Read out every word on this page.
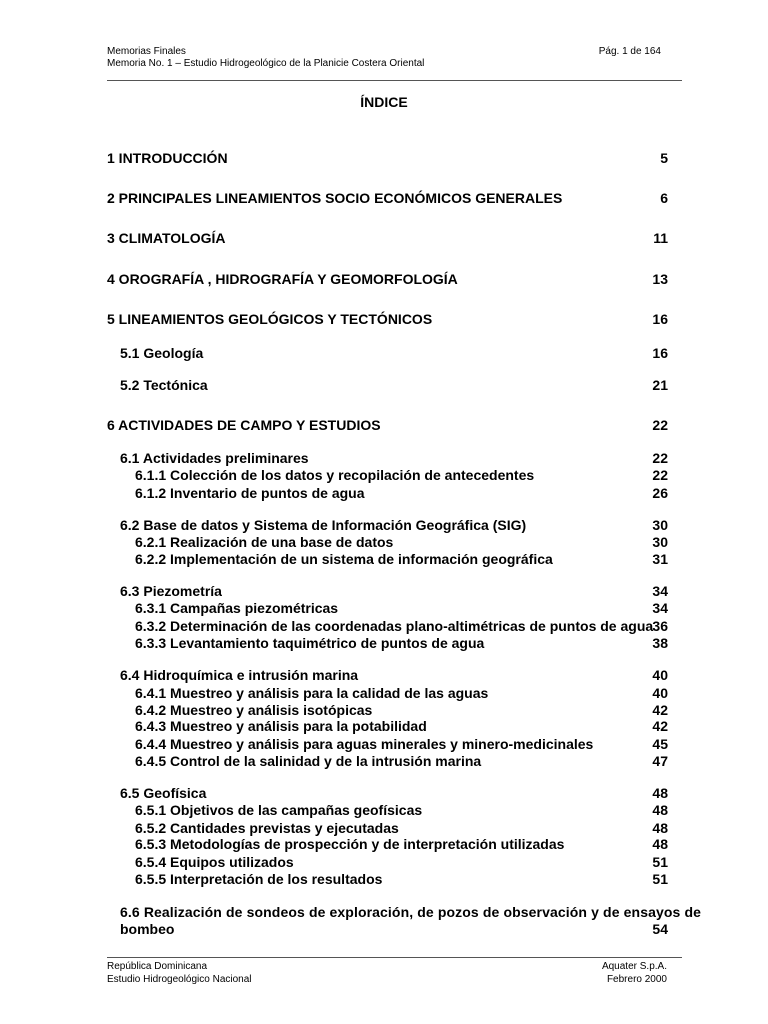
Memorias Finales
Memoria No. 1 – Estudio Hidrogeológico de la Planicie Costera Oriental
Pág. 1 de 164
ÍNDICE
1 INTRODUCCIÓN	5
2 PRINCIPALES LINEAMIENTOS SOCIO ECONÓMICOS GENERALES	6
3 CLIMATOLOGÍA	11
4 OROGRAFÍA , HIDROGRAFÍA Y GEOMORFOLOGÍA	13
5 LINEAMIENTOS GEOLÓGICOS Y TECTÓNICOS	16
5.1 Geología	16
5.2 Tectónica	21
6 ACTIVIDADES DE CAMPO Y ESTUDIOS	22
6.1 Actividades preliminares	22
6.1.1 Colección de los datos y recopilación de antecedentes	22
6.1.2 Inventario de puntos de agua	26
6.2 Base de datos y Sistema de Información Geográfica (SIG)	30
6.2.1 Realización de una base de datos	30
6.2.2 Implementación de un sistema de información geográfica	31
6.3 Piezometría	34
6.3.1 Campañas piezométricas	34
6.3.2 Determinación de las coordenadas plano-altimétricas de puntos de agua 36
6.3.3 Levantamiento taquimétrico de puntos de agua	38
6.4 Hidroquímica e intrusión marina	40
6.4.1 Muestreo y análisis para la calidad de las aguas	40
6.4.2 Muestreo y análisis isotópicas	42
6.4.3 Muestreo y análisis para la potabilidad	42
6.4.4 Muestreo y análisis para aguas minerales y minero-medicinales	45
6.4.5 Control de la salinidad y de la intrusión marina	47
6.5 Geofísica	48
6.5.1 Objetivos de las campañas geofísicas	48
6.5.2 Cantidades previstas y ejecutadas	48
6.5.3 Metodologías de prospección y de interpretación utilizadas	48
6.5.4 Equipos utilizados	51
6.5.5 Interpretación de los resultados	51
6.6 Realización de sondeos de exploración, de pozos de observación y de ensayos de
bombeo	54
República Dominicana
Estudio Hidrogeológico Nacional
Aquater S.p.A.
Febrero 2000
